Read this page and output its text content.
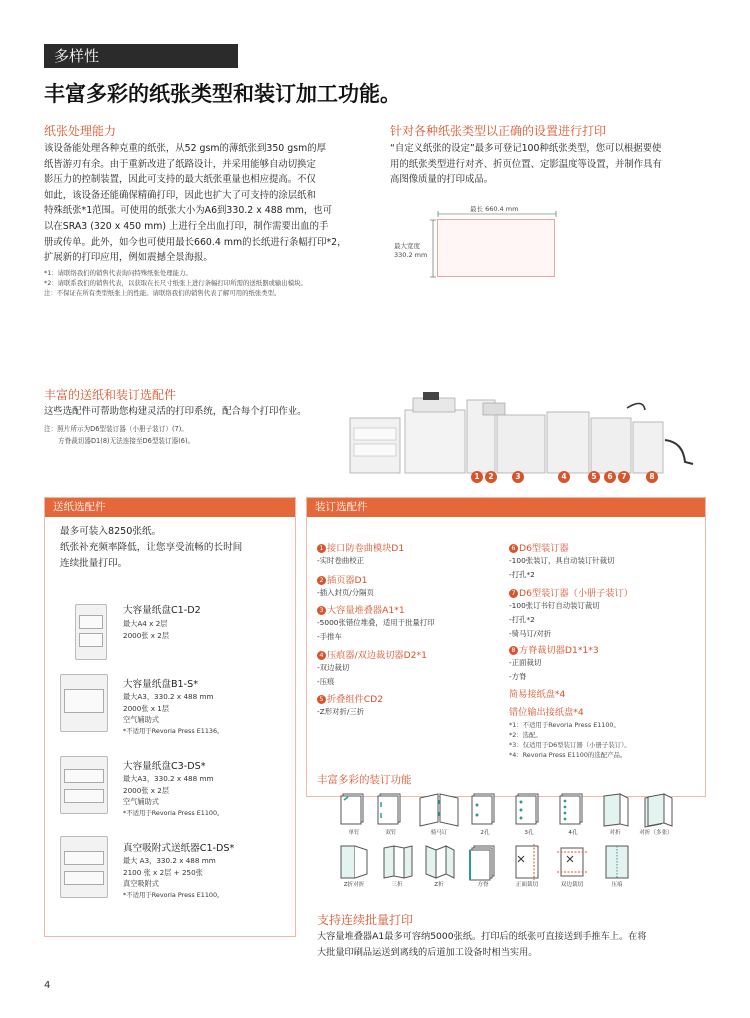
多样性
丰富多彩的纸张类型和装订加工功能。
纸张处理能力
该设备能处理各种克重的纸张，从52 gsm的薄纸张到350 gsm的厚
纸皆游刃有余。由于重新改进了纸路设计，并采用能够自动切换定
影压力的控制装置，因此可支持的最大纸张重量也相应提高。不仅
如此，该设备还能确保精确打印，因此也扩大了可支持的涂层纸和
特殊纸张*1范围。可使用的纸张大小为A6到330.2 x 488 mm，也可
以在SRA3 (320 x 450 mm) 上进行全出血打印，制作需要出血的手
册或传单。此外，如今也可使用最长660.4 mm的长纸进行条幅打印*2，
扩展新的打印应用，例如震撼全景海报。
*1：请联络我们的销售代表询问特殊纸张处理能力。
*2：请联系我们的销售代表，以获取在长尺寸纸张上进行条幅打印所需的送纸器或输出模块。
注：不保证在所有类型纸张上的性能。请联络我们的销售代表了解可用的纸张类型。
针对各种纸张类型以正确的设置进行打印
“自定义纸张的设定”最多可登记100种纸张类型，您可以根据要使
用的纸张类型进行对齐、折页位置、定影温度等设置，并制作具有
高图像质量的打印成品。
最长 660.4 mm
最大宽度
330.2 mm
丰富的送纸和装订选配件
这些选配件可帮助您构建灵活的打印系统，配合每个打印作业。
注：照片所示为D6型装订器（小册子装订）(7)。
方脊裁切器D1(8)无法连接至D6型装订器(6)。
1	2	3	4	5	6	7	8
送纸选配件
最多可装入8250张纸。
纸张补充频率降低，让您享受流畅的长时间
连续批量打印。
大容量纸盘C1-D2
最大A4 x 2层
2000张 x 2层
大容量纸盘B1-S*
最大A3，330.2 x 488 mm
2000张 x 1层
空气辅助式
*不适用于Revoria Press E1136。
大容量纸盘C3-DS*
最大A3，330.2 x 488 mm
2000张 x 2层
空气辅助式
*不适用于Revoria Press E1100。
真空吸附式送纸器C1-DS*
最大 A3，330.2 x 488 mm
2100 张 x 2层 + 250张
真空吸附式
*不适用于Revoria Press E1100。
装订选配件
1 接口防卷曲模块D1
-实时卷曲校正
2 插页器D1
-插入封页/分隔页
3 大容量堆叠器A1*1
-5000张错位堆叠，适用于批量打印
-手推车
4 压痕器/双边裁切器D2*1
-双边裁切
-压痕
5 折叠组件CD2
-Z形对折/三折
6 D6型装订器
-100张装订，具自动装订针裁切
-打孔*2
7 D6型装订器（小册子装订）
-100张订书钉自动装订裁切
-打孔*2
-骑马订/对折
8 方脊裁切器D1*1*3
-正面裁切
-方脊
简易接纸盘*4
错位输出接纸盘*4
*1：不适用于Revoria Press E1100。
*2：选配。
*3：仅适用于D6型装订器（小册子装订）。
*4：Revoria Press E1100的选配产品。
丰富多彩的装订功能
单钉	双钉	骑马订	2孔	3孔	4孔	对折	对折（多张）
Z折对折	三折	Z折	方脊	正面裁切	双边裁切	压痕
支持连续批量打印
大容量堆叠器A1最多可容纳5000张纸。打印后的纸张可直接送到手推车上。在将
大批量印刷品运送到离线的后道加工设备时相当实用。
4
